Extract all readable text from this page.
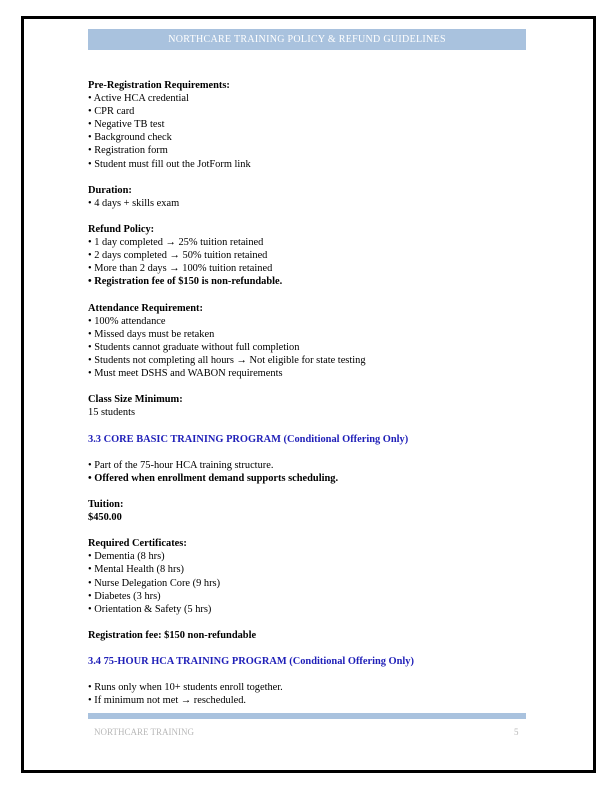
NORTHCARE TRAINING POLICY & REFUND GUIDELINES
Pre-Registration Requirements:
• Active HCA credential
• CPR card
• Negative TB test
• Background check
• Registration form
• Student must fill out the JotForm link
Duration:
• 4 days + skills exam
Refund Policy:
• 1 day completed → 25% tuition retained
• 2 days completed → 50% tuition retained
• More than 2 days → 100% tuition retained
• Registration fee of $150 is non-refundable.
Attendance Requirement:
• 100% attendance
• Missed days must be retaken
• Students cannot graduate without full completion
• Students not completing all hours → Not eligible for state testing
• Must meet DSHS and WABON requirements
Class Size Minimum:
15 students
3.3 CORE BASIC TRAINING PROGRAM (Conditional Offering Only)
• Part of the 75-hour HCA training structure.
• Offered when enrollment demand supports scheduling.
Tuition:
$450.00
Required Certificates:
• Dementia (8 hrs)
• Mental Health (8 hrs)
• Nurse Delegation Core (9 hrs)
• Diabetes (3 hrs)
• Orientation & Safety (5 hrs)
Registration fee: $150 non-refundable
3.4 75-HOUR HCA TRAINING PROGRAM (Conditional Offering Only)
• Runs only when 10+ students enroll together.
• If minimum not met → rescheduled.
NORTHCARE TRAINING	5
